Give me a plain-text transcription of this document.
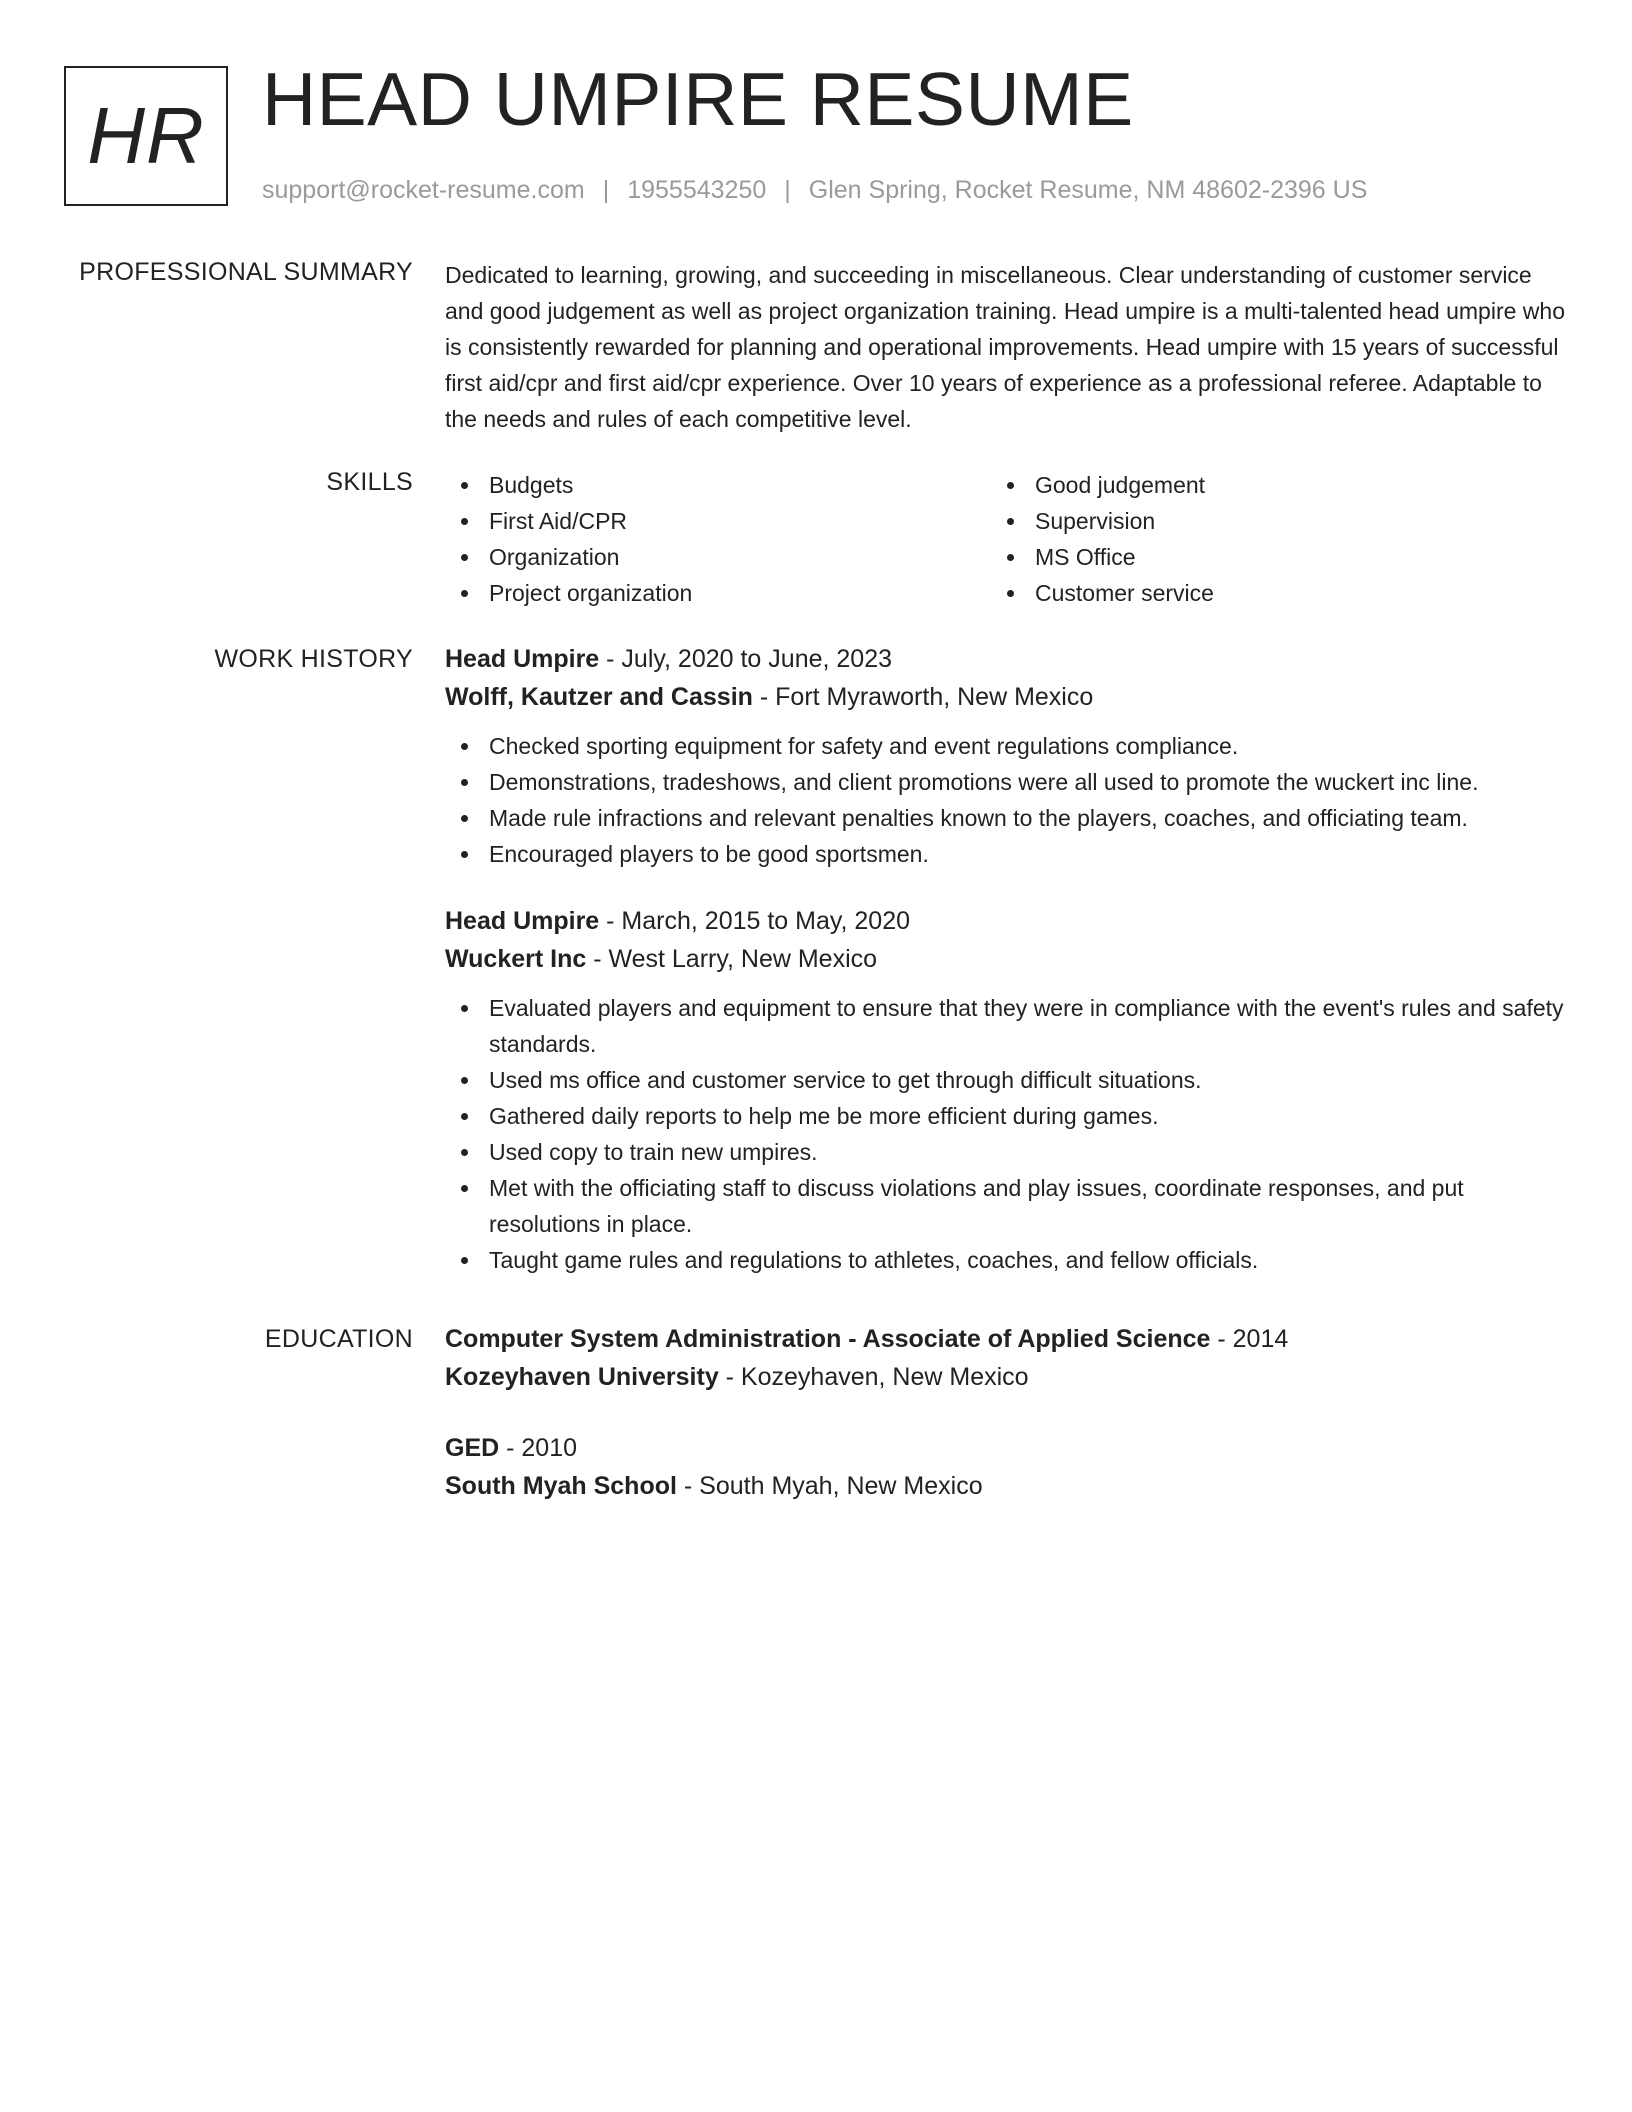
HR HEAD UMPIRE RESUME
support@rocket-resume.com | 1955543250 | Glen Spring, Rocket Resume, NM 48602-2396 US
PROFESSIONAL SUMMARY Dedicated to learning, growing, and succeeding in miscellaneous. Clear understanding of customer service and good judgement as well as project organization training. Head umpire is a multi-talented head umpire who is consistently rewarded for planning and operational improvements. Head umpire with 15 years of successful first aid/cpr and first aid/cpr experience. Over 10 years of experience as a professional referee. Adaptable to the needs and rules of each competitive level.

SKILLS	Budgets
First Aid/CPR
Organization
Project organization
Good judgement
Supervision
MS Office
Customer service
WORK HISTORY Head Umpire - July, 2020 to June, 2023
Wolff, Kautzer and Cassin - Fort Myraworth, New Mexico
Checked sporting equipment for safety and event regulations compliance.
Demonstrations, tradeshows, and client promotions were all used to promote the wuckert inc line.
Made rule infractions and relevant penalties known to the players, coaches, and officiating team.
Encouraged players to be good sportsmen.
Head Umpire - March, 2015 to May, 2020
Wuckert Inc - West Larry, New Mexico
Evaluated players and equipment to ensure that they were in compliance with the event's rules and safety standards.
Used ms office and customer service to get through difficult situations.
Gathered daily reports to help me be more efficient during games.
Used copy to train new umpires.
Met with the officiating staff to discuss violations and play issues, coordinate responses, and put resolutions in place.
Taught game rules and regulations to athletes, coaches, and fellow officials.
EDUCATION Computer System Administration - Associate of Applied Science - 2014
Kozeyhaven University - Kozeyhaven, New Mexico
GED - 2010
South Myah School - South Myah, New Mexico
